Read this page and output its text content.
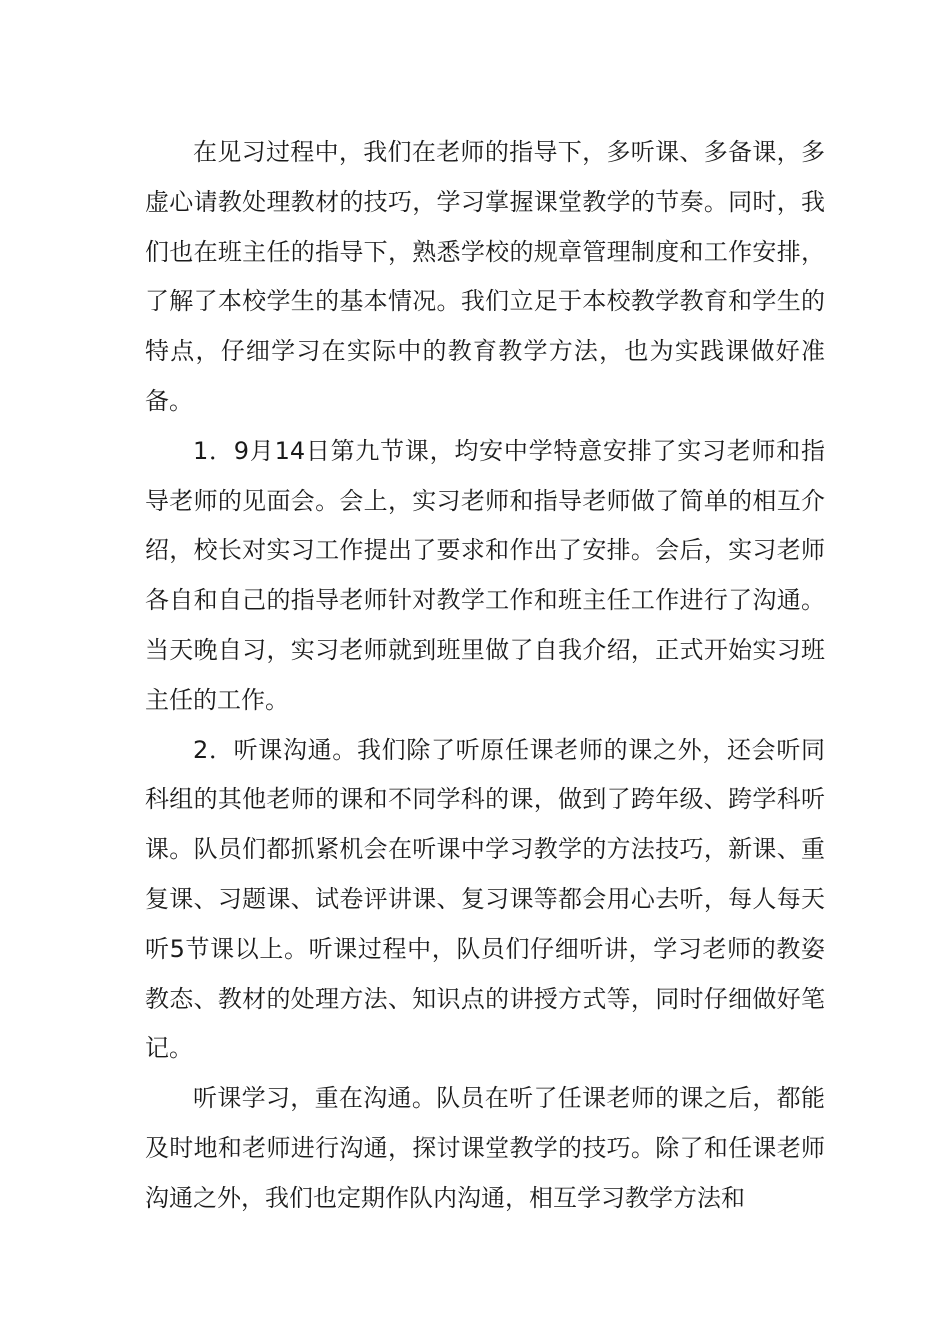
在见习过程中，我们在老师的指导下，多听课、多备课，多虚心请教处理教材的技巧，学习掌握课堂教学的节奏。同时，我们也在班主任的指导下，熟悉学校的规章管理制度和工作安排，了解了本校学生的基本情况。我们立足于本校教学教育和学生的特点，仔细学习在实际中的教育教学方法，也为实践课做好准备。

1．9月14日第九节课，均安中学特意安排了实习老师和指导老师的见面会。会上，实习老师和指导老师做了简单的相互介绍，校长对实习工作提出了要求和作出了安排。会后，实习老师各自和自己的指导老师针对教学工作和班主任工作进行了沟通。当天晚自习，实习老师就到班里做了自我介绍，正式开始实习班主任的工作。

2．听课沟通。我们除了听原任课老师的课之外，还会听同科组的其他老师的课和不同学科的课，做到了跨年级、跨学科听课。队员们都抓紧机会在听课中学习教学的方法技巧，新课、重复课、习题课、试卷评讲课、复习课等都会用心去听，每人每天听5节课以上。听课过程中，队员们仔细听讲，学习老师的教姿教态、教材的处理方法、知识点的讲授方式等，同时仔细做好笔记。

听课学习，重在沟通。队员在听了任课老师的课之后，都能及时地和老师进行沟通，探讨课堂教学的技巧。除了和任课老师沟通之外，我们也定期作队内沟通，相互学习教学方法和
